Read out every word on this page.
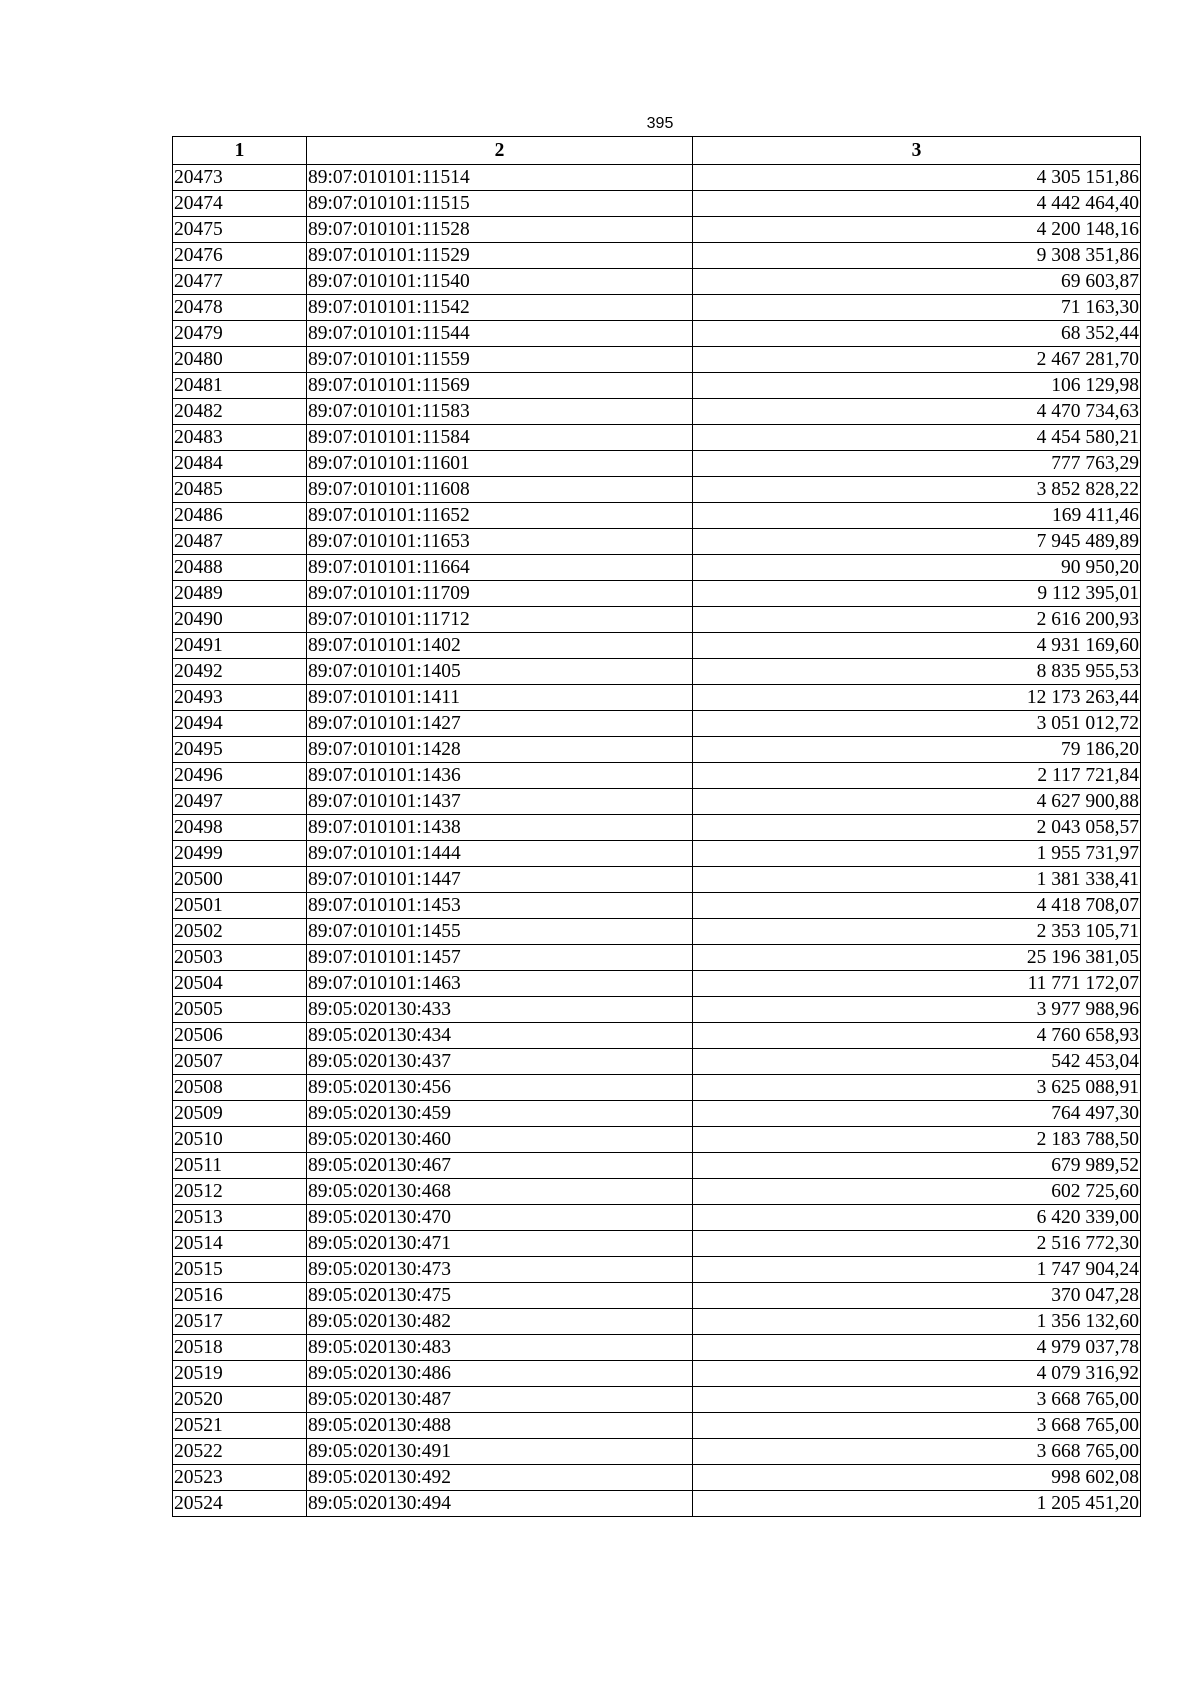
395
1	2	3
20473	89:07:010101:11514	4 305 151,86
20474	89:07:010101:11515	4 442 464,40
20475	89:07:010101:11528	4 200 148,16
20476	89:07:010101:11529	9 308 351,86
20477	89:07:010101:11540	69 603,87
20478	89:07:010101:11542	71 163,30
20479	89:07:010101:11544	68 352,44
20480	89:07:010101:11559	2 467 281,70
20481	89:07:010101:11569	106 129,98
20482	89:07:010101:11583	4 470 734,63
20483	89:07:010101:11584	4 454 580,21
20484	89:07:010101:11601	777 763,29
20485	89:07:010101:11608	3 852 828,22
20486	89:07:010101:11652	169 411,46
20487	89:07:010101:11653	7 945 489,89
20488	89:07:010101:11664	90 950,20
20489	89:07:010101:11709	9 112 395,01
20490	89:07:010101:11712	2 616 200,93
20491	89:07:010101:1402	4 931 169,60
20492	89:07:010101:1405	8 835 955,53
20493	89:07:010101:1411	12 173 263,44
20494	89:07:010101:1427	3 051 012,72
20495	89:07:010101:1428	79 186,20
20496	89:07:010101:1436	2 117 721,84
20497	89:07:010101:1437	4 627 900,88
20498	89:07:010101:1438	2 043 058,57
20499	89:07:010101:1444	1 955 731,97
20500	89:07:010101:1447	1 381 338,41
20501	89:07:010101:1453	4 418 708,07
20502	89:07:010101:1455	2 353 105,71
20503	89:07:010101:1457	25 196 381,05
20504	89:07:010101:1463	11 771 172,07
20505	89:05:020130:433	3 977 988,96
20506	89:05:020130:434	4 760 658,93
20507	89:05:020130:437	542 453,04
20508	89:05:020130:456	3 625 088,91
20509	89:05:020130:459	764 497,30
20510	89:05:020130:460	2 183 788,50
20511	89:05:020130:467	679 989,52
20512	89:05:020130:468	602 725,60
20513	89:05:020130:470	6 420 339,00
20514	89:05:020130:471	2 516 772,30
20515	89:05:020130:473	1 747 904,24
20516	89:05:020130:475	370 047,28
20517	89:05:020130:482	1 356 132,60
20518	89:05:020130:483	4 979 037,78
20519	89:05:020130:486	4 079 316,92
20520	89:05:020130:487	3 668 765,00
20521	89:05:020130:488	3 668 765,00
20522	89:05:020130:491	3 668 765,00
20523	89:05:020130:492	998 602,08
20524	89:05:020130:494	1 205 451,20
